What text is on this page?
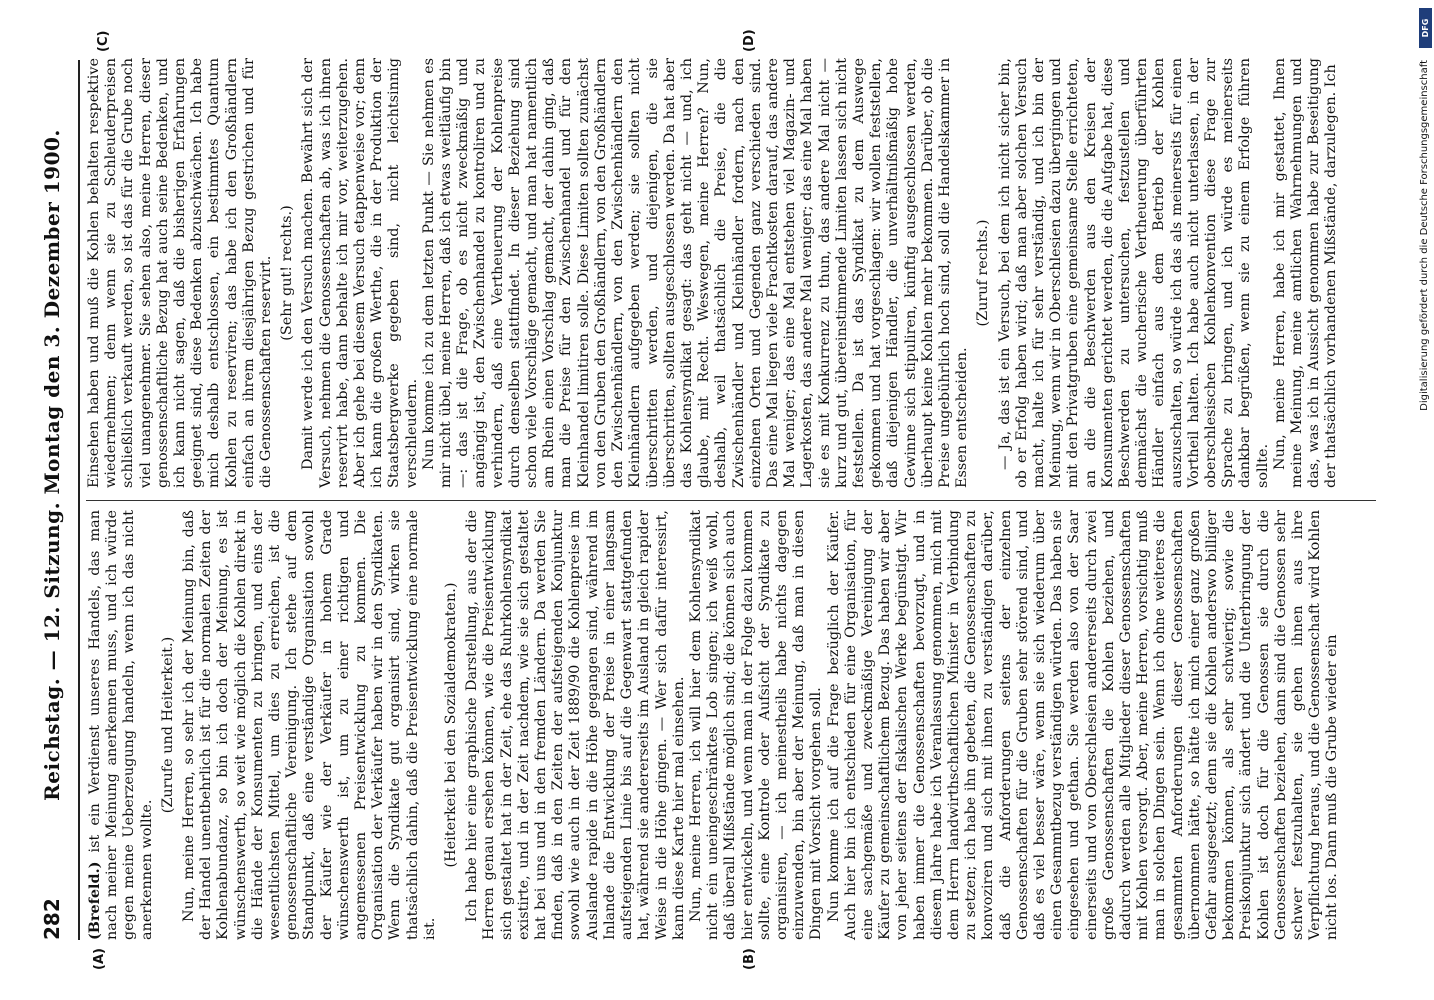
282
Reichstag. — 12. Sitzung. Montag den 3. Dezember 1900.
(A)	(B)
(C)	(D)

(Brefeld.) ist ein Verdienst unseres Handels, das man nach meiner Meinung anerkennen muss, und ich würde gegen meine Ueberzeugung handeln, wenn ich das nicht anerkennen wollte.

(Zurufe und Heiterkeit.) Nun, meine Herren, so sehr ich der Meinung bin, daß der Handel unentbehrlich ist für die normalen Zeiten der Kohlenabundanz, so bin ich doch der Meinung, es ist wünschenswerth, so weit wie möglich die Kohlen direkt in die Hände der Konsumenten zu bringen, und eins der wesentlichsten Mittel, um dies zu erreichen, ist die genossenschaftliche Vereinigung. Ich stehe auf dem Standpunkt, daß eine verständige Organisation sowohl der Käufer wie der Verkäufer in hohem Grade wünschenswerth ist, um zu einer richtigen und angemessenen Preisentwicklung zu kommen. Die Organisation der Verkäufer haben wir in den Syndikaten. Wenn die Syndikate gut organisirt sind, wirken sie thatsächlich dahin, daß die Preisentwicklung eine normale ist.

(Heiterkeit bei den Sozialdemokraten.) Ich habe hier eine graphische Darstellung, aus der die Herren genau ersehen können, wie die Preisentwicklung sich gestaltet hat in der Zeit, ehe das Ruhrkohlensyndikat existirte, und in der Zeit nachdem, wie sie sich gestaltet hat bei uns und in den fremden Ländern. Da werden Sie finden, daß in den Zeiten der aufsteigenden Konjunktur sowohl wie auch in der Zeit 1889/90 die Kohlenpreise im Auslande rapide in die Höhe gegangen sind, während im Inlande die Entwicklung der Preise in einer langsam aufsteigenden Linie bis auf die Gegenwart stattgefunden hat, während sie andererseits im Ausland in gleich rapider Weise in die Höhe gingen. — Wer sich dafür interessirt, kann diese Karte hier mal einsehen. Nun, meine Herren, ich will hier dem Kohlensyndikat nicht ein uneingeschränktes Lob singen; ich weiß wohl, daß überall Mißstände möglich sind; die können sich auch hier entwickeln, und wenn man in der Folge dazu kommen sollte, eine Kontrole oder Aufsicht der Syndikate zu organisiren, — ich meinestheils habe nichts dagegen einzuwenden, bin aber der Meinung, daß man in diesen Dingen mit Vorsicht vorgehen soll. Nun komme ich auf die Frage bezüglich der Käufer. Auch hier bin ich entschieden für eine Organisation, für eine sachgemäße und zweckmäßige Vereinigung der Käufer zu gemeinschaftlichem Bezug. Das haben wir aber von jeher seitens der fiskalischen Werke begünstigt. Wir haben immer die Genossenschaften bevorzugt, und in diesem Jahre habe ich Veranlassung genommen, mich mit dem Herrn landwirthschaftlichen Minister in Verbindung zu setzen; ich habe ihn gebeten, die Genossenschaften zu konvoziren und sich mit ihnen zu verständigen darüber, daß die Anforderungen seitens der einzelnen Genossenschaften für die Gruben sehr störend sind, und daß es viel besser wäre, wenn sie sich wiederum über einen Gesammtbezug verständigen würden. Das haben sie eingesehen und gethan. Sie werden also von der Saar einerseits und von Oberschlesien andererseits durch zwei große Genossenschaften die Kohlen beziehen, und dadurch werden alle Mitglieder dieser Genossenschaften mit Kohlen versorgt. Aber, meine Herren, vorsichtig muß man in solchen Dingen sein. Wenn ich ohne weiteres die gesammten Anforderungen dieser Genossenschaften übernommen hätte, so hätte ich mich einer ganz großen Gefahr ausgesetzt; denn sie die Kohlen anderswo billiger bekommen können, als sehr schwierig; sowie die Preiskonjunktur sich ändert und die Unterbringung der Kohlen ist doch für die Genossen sie durch die Genossenschaften beziehen, dann sind die Genossen sehr schwer festzuhalten, sie gehen ihnen aus ihre Verpflichtung heraus, und die Genossenschaft wird Kohlen nicht los. Dann muß die Grube wieder ein

Einsehen haben und muß die Kohlen behalten respektive wiedernehmen; denn wenn sie zu Schleuderpreisen schließlich verkauft werden, so ist das für die Grube noch viel unangenehmer. Sie sehen also, meine Herren, dieser genossenschaftliche Bezug hat auch seine Bedenken, und ich kann nicht sagen, daß die bisherigen Erfahrungen geeignet sind, diese Bedenken abzuschwächen. Ich habe mich deshalb entschlossen, ein bestimmtes Quantum Kohlen zu reserviren; das habe ich den Großhändlern einfach an ihrem diesjährigen Bezug gestrichen und für die Genossenschaften reservirt. (Sehr gut! rechts.) Damit werde ich den Versuch machen. Bewährt sich der Versuch, nehmen die Genossenschaften ab, was ich ihnen reservirt habe, dann behalte ich mir vor, weiterzugehen. Aber ich gehe bei diesem Versuch etappenweise vor; denn ich kann die großen Werthe, die in der Produktion der Staatsbergwerke gegeben sind, nicht leichtsinnig verschleudern. Nun komme ich zu dem letzten Punkt — Sie nehmen es mir nicht übel, meine Herren, daß ich etwas weitläufig bin —: das ist die Frage, ob es nicht zweckmäßig und angängig ist, den Zwischenhandel zu kontroliren und zu verhindern, daß eine Vertheuerung der Kohlenpreise durch denselben stattfindet. In dieser Beziehung sind schon viele Vorschläge gemacht, und man hat namentlich am Rhein einen Vorschlag gemacht, der dahin ging, daß man die Preise für den Zwischenhandel und für den Kleinhandel limitiren solle. Diese Limiten sollten zunächst von den Gruben den Großhändlern, von den Großhändlern den Zwischenhändlern, von den Zwischenhändlern den Kleinhändlern aufgegeben werden; sie sollten nicht überschritten werden, und diejenigen, die sie überschritten, sollten ausgeschlossen werden. Da hat aber das Kohlensyndikat gesagt: das geht nicht — und, ich glaube, mit Recht. Weswegen, meine Herren? Nun, deshalb, weil thatsächlich die Preise, die die Zwischenhändler und Kleinhändler fordern, nach den einzelnen Orten und Gegenden ganz verschieden sind. Das eine Mal liegen viele Frachtkosten darauf, das andere Mal weniger; das eine Mal entstehen viel Magazin- und Lagerkosten, das andere Mal weniger; das eine Mal haben sie es mit Konkurrenz zu thun, das andere Mal nicht — kurz und gut, übereinstimmende Limiten lassen sich nicht feststellen. Da ist das Syndikat zu dem Auswege gekommen und hat vorgeschlagen: wir wollen feststellen, daß diejenigen Händler, die unverhältnißmäßig hohe Gewinne sich stipuliren, künftig ausgeschlossen werden, überhaupt keine Kohlen mehr bekommen. Darüber, ob die Preise ungebührlich hoch sind, soll die Handelskammer in Essen entscheiden.

(Zuruf rechts.) — Ja, das ist ein Versuch, bei dem ich nicht sicher bin, ob er Erfolg haben wird; daß man aber solchen Versuch macht, halte ich für sehr verständig, und ich bin der Meinung, wenn wir in Oberschlesien dazu übergingen und mit den Privatgruben eine gemeinsame Stelle errichteten, an die die Beschwerden aus den Kreisen der Konsumenten gerichtet werden, die die Aufgabe hat, diese Beschwerden zu untersuchen, festzustellen und demnächst die wucherische Vertheuerung überführten Händler einfach aus dem Betrieb der Kohlen auszuschalten, so würde ich das als meinerseits für einen Vortheil halten. Ich habe auch nicht unterlassen, in der oberschlesischen Kohlenkonvention diese Frage zur Sprache zu bringen, und ich würde es meinerseits dankbar begrüßen, wenn sie zu einem Erfolge führen sollte. Nun, meine Herren, habe ich mir gestattet, Ihnen meine Meinung, meine amtlichen Wahrnehmungen und das, was ich in Aussicht genommen habe zur Beseitigung der thatsächlich vorhandenen Mißstände, darzulegen. Ich

DFG
Digitalisierung gefördert durch die Deutsche Forschungsgemeinschaft
